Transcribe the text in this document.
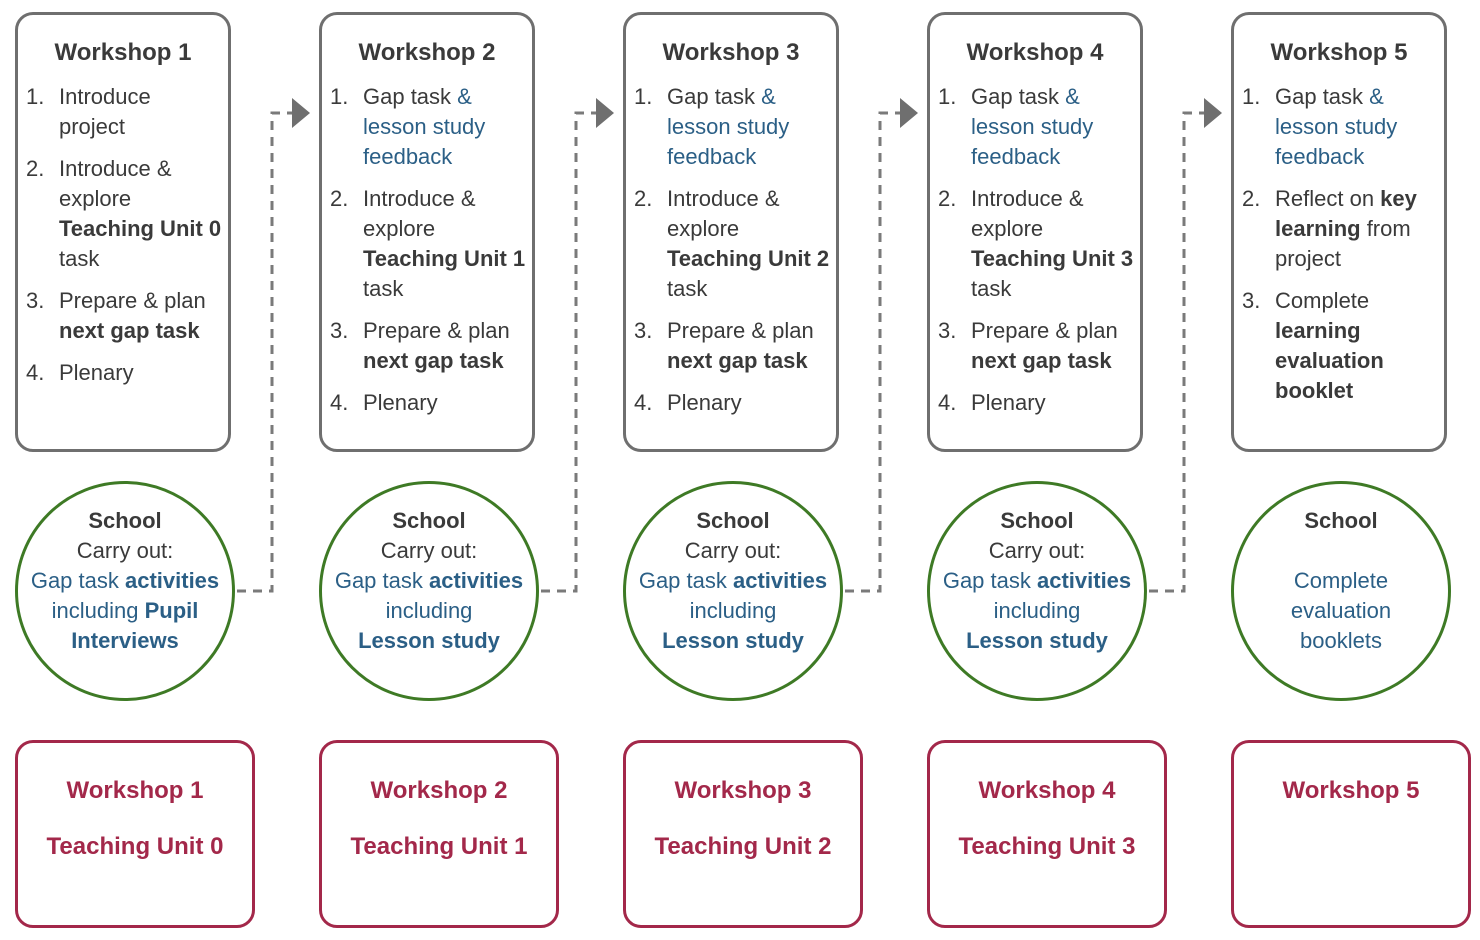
Workshop 1
1. Introduce project
2. Introduce & explore Teaching Unit 0 task
3. Prepare & plan next gap task
4. Plenary
Workshop 2
1. Gap task & lesson study feedback
2. Introduce & explore Teaching Unit 1 task
3. Prepare & plan next gap task
4. Plenary
Workshop 3
1. Gap task & lesson study feedback
2. Introduce & explore Teaching Unit 2 task
3. Prepare & plan next gap task
4. Plenary
Workshop 4
1. Gap task & lesson study feedback
2. Introduce & explore Teaching Unit 3 task
3. Prepare & plan next gap task
4. Plenary
Workshop 5
1. Gap task & lesson study feedback
2. Reflect on key learning from project
3. Complete learning evaluation booklet
School
Carry out:
Gap task activities
including Pupil
Interviews
School
Carry out:
Gap task activities
including
Lesson study
School
Carry out:
Gap task activities
including
Lesson study
School
Carry out:
Gap task activities
including
Lesson study
School
Complete
evaluation
booklets
Workshop 1
Teaching Unit 0
Workshop 2
Teaching Unit 1
Workshop 3
Teaching Unit 2
Workshop 4
Teaching Unit 3
Workshop 5
